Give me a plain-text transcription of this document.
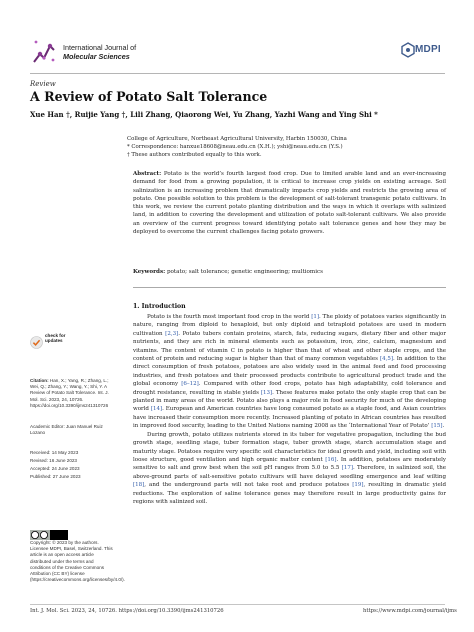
International Journal of
Molecular Sciences
MDPI
Review
A Review of Potato Salt Tolerance
Xue Han †, Ruijie Yang †, Lili Zhang, Qiaorong Wei, Yu Zhang, Yazhi Wang and Ying Shi *
College of Agriculture, Northeast Agricultural University, Harbin 150030, China
* Correspondence: hanxue18608@neau.edu.cn (X.H.); yshi@neau.edu.cn (Y.S.)
† These authors contributed equally to this work.
Abstract: Potato is the world’s fourth largest food crop. Due to limited arable land and an ever-increasing demand for food from a growing population, it is critical to increase crop yields on existing acreage. Soil salinization is an increasing problem that dramatically impacts crop yields and restricts the growing area of potato. One possible solution to this problem is the development of salt-tolerant transgenic potato cultivars. In this work, we review the current potato planting distribution and the ways in which it overlaps with salinized land, in addition to covering the development and utilization of potato salt-tolerant cultivars. We also provide an overview of the current progress toward identifying potato salt tolerance genes and how they may be deployed to overcome the current challenges facing potato growers.
Keywords: potato; salt tolerance; genetic engineering; multiomics
1. Introduction

Potato is the fourth most important food crop in the world [1]. The ploidy of potatoes varies significantly in nature, ranging from diploid to hexaploid, but only diploid and tetraploid potatoes are used in modern cultivation [2,3]. Potato tubers contain proteins, starch, fats, reducing sugars, dietary fiber and other major nutrients, and they are rich in mineral elements such as potassium, iron, zinc, calcium, magnesium and vitamins. The content of vitamin C in potato is higher than that of wheat and other staple crops, and the content of protein and reducing sugar is higher than that of many common vegetables [4,5]. In addition to the direct consumption of fresh potatoes, potatoes are also widely used in the animal feed and food processing industries, and fresh potatoes and their processed products contribute to agricultural product trade and the global economy [6–12]. Compared with other food crops, potato has high adaptability, cold tolerance and drought resistance, resulting in stable yields [13]. These features make potato the only staple crop that can be planted in many areas of the world. Potato also plays a major role in food security for much of the developing world [14]. European and American countries have long consumed potato as a staple food, and Asian countries have increased their consumption more recently. Increased planting of potato in African countries has resulted in improved food security, leading to the United Nations naming 2008 as the ‘International Year of Potato’ [15].

During growth, potato utilizes nutrients stored in its tuber for vegetative propagation, including the bud growth stage, seedling stage, tuber formation stage, tuber growth stage, starch accumulation stage and maturity stage. Potatoes require very specific soil characteristics for ideal growth and yield, including soil with loose structure, good ventilation and high organic matter content [16]. In addition, potatoes are moderately sensitive to salt and grow best when the soil pH ranges from 5.0 to 5.5 [17]. Therefore, in salinized soil, the above-ground parts of salt-sensitive potato cultivars will have delayed seedling emergence and leaf wilting [18], and the underground parts will not take root and produce potatoes [19], resulting in dramatic yield reductions. The exploration of saline tolerance genes may therefore result in large productivity gains for regions with salinized soil.

check for
updates
Citation: Han, X.; Yang, R.; Zhang, L.; Wei, Q.; Zhang, Y.; Wang, Y.; Shi, Y. A Review of Potato Salt Tolerance. Int. J. Mol. Sci. 2023, 24, 10726. https://doi.org/10.3390/ijms241310726
Academic Editor: Juan Manuel Ruiz Lozano
Received: 14 May 2023
Revised: 16 June 2023
Accepted: 24 June 2023
Published: 27 June 2023
Copyright: © 2023 by the authors. Licensee MDPI, Basel, Switzerland. This article is an open access article distributed under the terms and conditions of the Creative Commons Attribution (CC BY) license (https://creativecommons.org/licenses/by/4.0/).
Int. J. Mol. Sci. 2023, 24, 10726. https://doi.org/10.3390/ijms241310726	https://www.mdpi.com/journal/ijms
